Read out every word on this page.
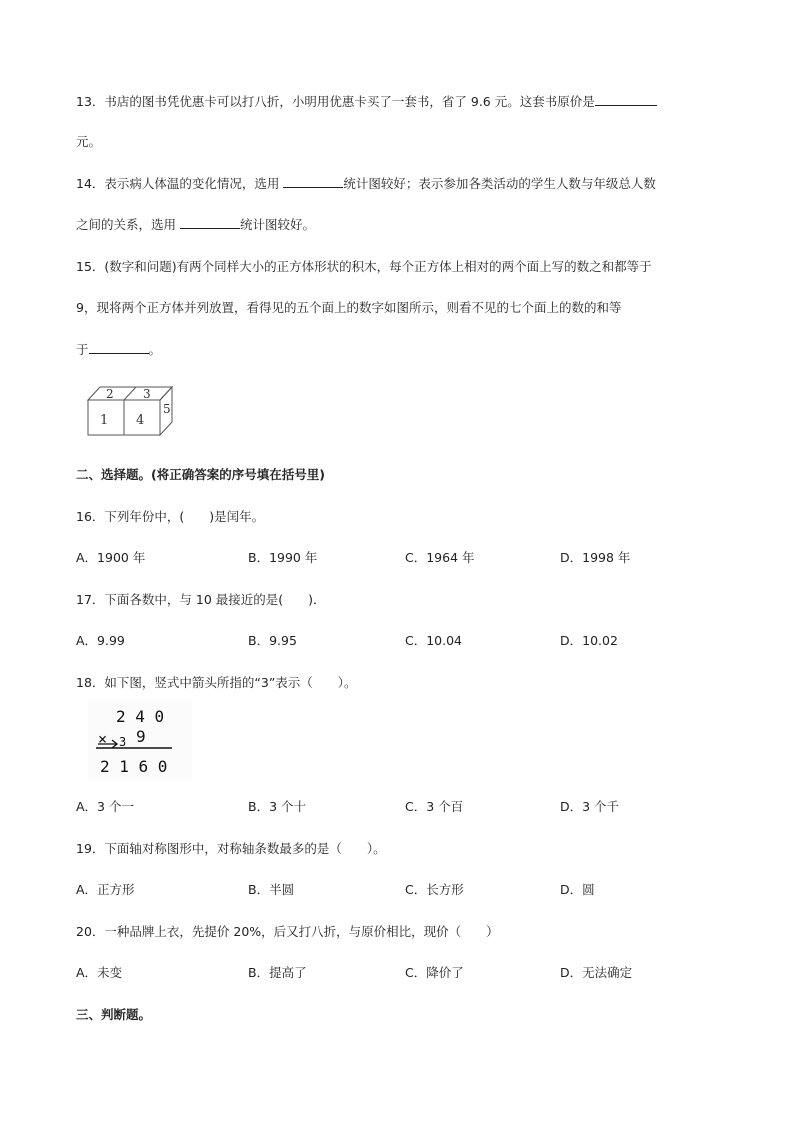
13．书店的图书凭优惠卡可以打八折，小明用优惠卡买了一套书，省了 9.6 元。这套书原价是
元。
14．表示病人体温的变化情况，选用	统计图较好；表示参加各类活动的学生人数与年级总人数
之间的关系，选用	统计图较好。
15．(数字和问题)有两个同样大小的正方体形状的积木，每个正方体上相对的两个面上写的数之和都等于
9，现将两个正方体并列放置，看得见的五个面上的数字如图所示，则看不见的七个面上的数的和等
于	。
1 4
2 3
5
二、选择题。(将正确答案的序号填在括号里)
16．下列年份中，(　　)是闰年。
A．1900 年	B．1990 年	C．1964 年	D．1998 年
17．下面各数中，与 10 最接近的是(　　)．
A．9.99	B．9.95	C．10.04	D．10.02
18．如下图，竖式中箭头所指的“3”表示（　　）。
2 4 0
9
× 3
2 1 6 0
A．3 个一	B．3 个十	C．3 个百	D．3 个千
19．下面轴对称图形中，对称轴条数最多的是（　　）。
A．正方形	B．半圆	C．长方形	D．圆
20．一种品牌上衣，先提价 20%，后又打八折，与原价相比，现价（　　）
A．未变	B．提高了	C．降价了	D．无法确定
三、判断题。
